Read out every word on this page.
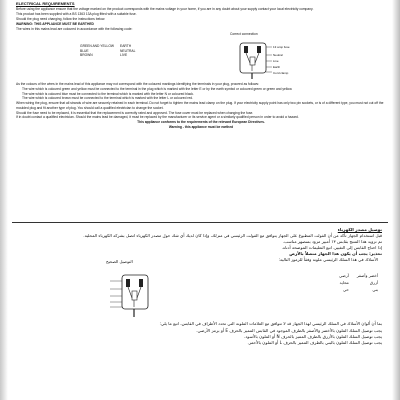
ELECTRICAL REQUIREMENTS

Before using the appliance ensure that the voltage marked on the product corresponds with the mains voltage in your home, if you are in any doubt about your supply contact your local electricity company.

This product has been supplied with a BS 1363 13A plug fitted with a suitable fuse.

Should the plug need changing, follow the instructions below.

WARNING: THIS APPLIANCE MUST BE EARTHED

The wires in this mains lead are coloured in accordance with the following code:

GREEN AND YELLOW	EARTH
BLUE	NEUTRAL
BROWN	LIVE
Correct connection
13 amp fuse
Neutral
Live
Earth
Cord clamp

As the colours of the wires in the mains lead of this appliance may not correspond with the coloured markings identifying the terminals in your plug, proceed as follows:

The wire which is coloured green and yellow must be connected to the terminal in the plug which is marked with the letter E or by the earth symbol or coloured green or green and yellow.

The wire which is coloured blue must be connected to the terminal which is marked with the letter N or coloured black.

The wire which is coloured brown must be connected to the terminal which is marked with the letter L or coloured red.

When wiring the plug, ensure that all strands of wire are securely retained in each terminal. Do not forget to tighten the mains lead clamp on the plug. If your electricity supply point has only two pin sockets, or is of a different type, you must not cut off the moulded plug and fit another type of plug. You should call a qualified electrician to change the socket.

Should the fuse need to be replaced, it is essential that the replacement is correctly rated and approved. The fuse cover must be replaced when changing the fuse.

If in doubt contact a qualified electrician. Should the mains lead be damaged, it must be replaced by the manufacturer or its service agent or a similarly qualified person in order to avoid a hazard.

This appliance conforms to the requirements of the relevant European Directives.

Warning - this appliance must be earthed

توصيل مصدر الكهرباء

قبل استخدام الجهاز تأكد من أن الفولت المطبوع على الجهاز يتوافق مع الفولت الرئيسي في منزلك، وإذا كان لديك أي شك حول مصدر الكهرباء اتصل بشركة الكهرباء المحلية.

تم تزويد هذا المنتج بقابس ١٣ أمبير مزود بمنصهر مناسب.

إذا احتاج القابس إلى التغيير، اتبع التعليمات الموضحة أدناه.

تحذير: يجب أن يكون هذا الجهاز متصلاً بالأرض

الأسلاك في هذا السلك الرئيسي ملونة وفقاً للرموز التالية:
أخضر وأصفر	أرضي
أزرق	محايد
بني	حي
التوصيل الصحيح

بما أن ألوان الأسلاك في السلك الرئيسي لهذا الجهاز قد لا تتوافق مع العلامات الملونة التي تحدد الأطراف في القابس، اتبع ما يلي:

يجب توصيل السلك الملون بالأخضر والأصفر بالطرف الموجود في القابس المميز بالحرف E أو برمز الأرضي.

يجب توصيل السلك الملون بالأزرق بالطرف المميز بالحرف N أو الملون بالأسود.

يجب توصيل السلك الملون بالبني بالطرف المميز بالحرف L أو الملون بالأحمر.
